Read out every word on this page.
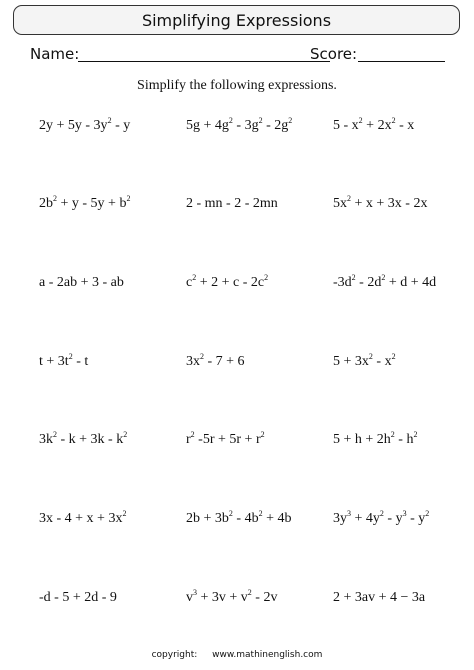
Simplifying Expressions
Name:	Score:
Simplify the following expressions.
$2y + 5y - 3y^2 - y$	$5g + 4g^2 - 3g^2 - 2g^2$	$5 - x^2 + 2x^2 - x$
$2b^2 + y - 5y + b^2$	2 - mn - 2 - 2mn	$5x^2 + x + 3x - 2x$
a - 2ab + 3 - ab	$c^2 + 2 + c - 2c^2$	$-3d^2 - 2d^2 + d + 4d$
$t + 3t^2 - t$	$3x^2 - 7 + 6$	$5 + 3x^2 - x^2$
$3k^2 - k + 3k - k^2$	$r^2$ $-5r + 5r + r^2$	$5 + h + 2h^2 - h^2$
$3x - 4 + x + 3x^2$	$2b + 3b^2 - 4b^2 + 4b$	$3y^3 + 4y^2 - y^3 - y^2$
-d - 5 + 2d - 9	$v^3 + 3v + v^2 - 2v$	2 + 3av + 4 − 3a
copyright: www.mathinenglish.com
